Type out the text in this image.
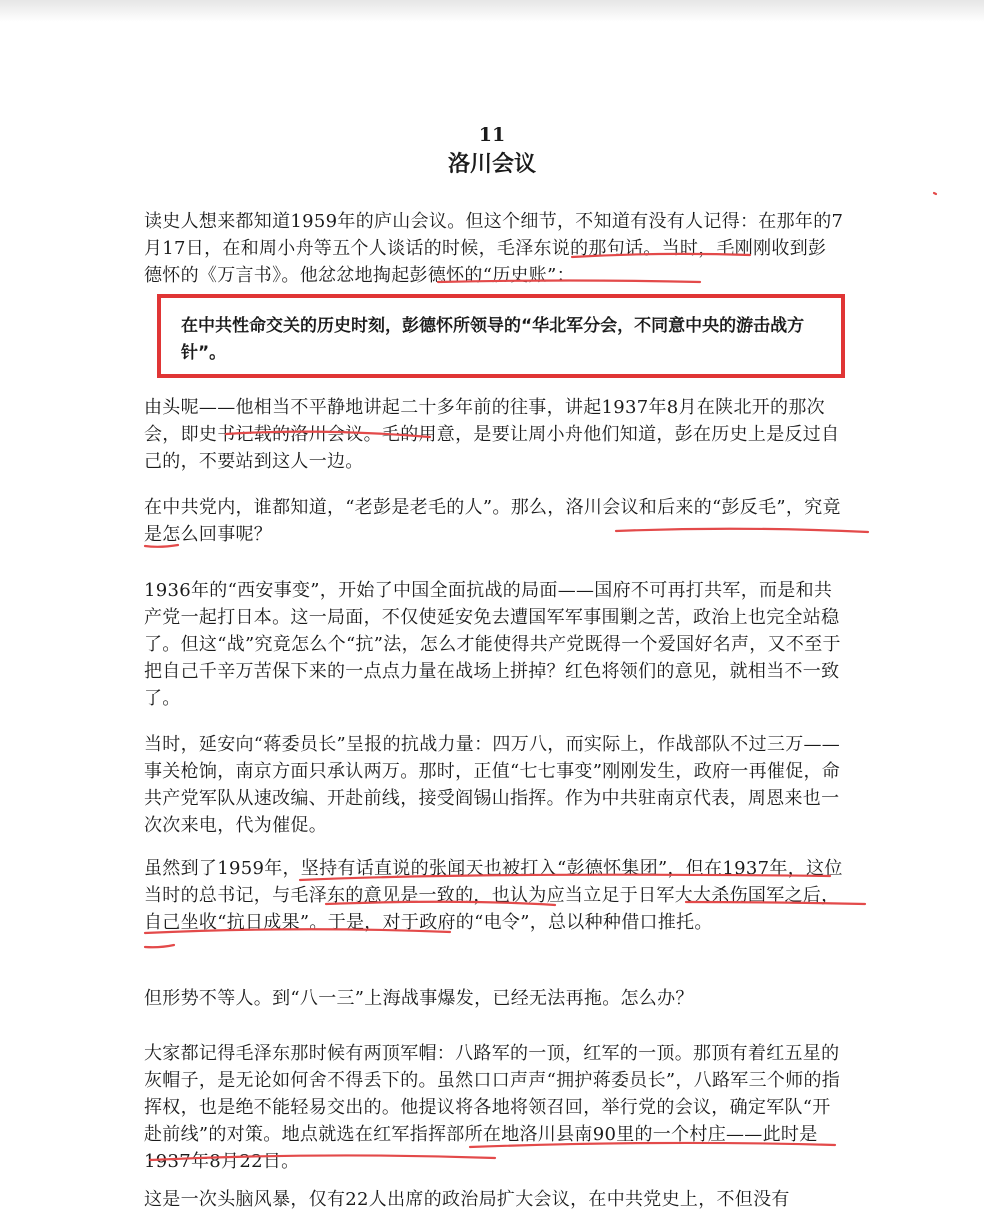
11
洛川会议

读史人想来都知道1959年的庐山会议。但这个细节，不知道有没有人记得：在那年的7月17日，在和周小舟等五个人谈话的时候，毛泽东说的那句话。当时，毛刚刚收到彭德怀的《万言书》。他忿忿地掏起彭德怀的“历史账”：

在中共性命交关的历史时刻，彭德怀所领导的“华北军分会，不同意中央的游击战方针”。

由头呢——他相当不平静地讲起二十多年前的往事，讲起1937年8月在陕北开的那次会，即史书记载的洛川会议。毛的用意，是要让周小舟他们知道，彭在历史上是反过自己的，不要站到这人一边。

在中共党内，谁都知道，“老彭是老毛的人”。那么，洛川会议和后来的“彭反毛”，究竟是怎么回事呢？

1936年的“西安事变”，开始了中国全面抗战的局面——国府不可再打共军，而是和共产党一起打日本。这一局面，不仅使延安免去遭国军军事围剿之苦，政治上也完全站稳了。但这“战”究竟怎么个“抗”法，怎么才能使得共产党既得一个爱国好名声，又不至于把自己千辛万苦保下来的一点点力量在战场上拼掉？红色将领们的意见，就相当不一致了。

当时，延安向“蒋委员长”呈报的抗战力量：四万八，而实际上，作战部队不过三万——事关枪饷，南京方面只承认两万。那时，正值“七七事变”刚刚发生，政府一再催促，命共产党军队从速改编、开赴前线，接受阎锡山指挥。作为中共驻南京代表，周恩来也一次次来电，代为催促。

虽然到了1959年，坚持有话直说的张闻天也被打入“彭德怀集团”，但在1937年，这位当时的总书记，与毛泽东的意见是一致的，也认为应当立足于日军大大杀伤国军之后，自己坐收“抗日成果”。于是，对于政府的“电令”，总以种种借口推托。

但形势不等人。到“八一三”上海战事爆发，已经无法再拖。怎么办？

大家都记得毛泽东那时候有两顶军帽：八路军的一顶，红军的一顶。那顶有着红五星的灰帽子，是无论如何舍不得丢下的。虽然口口声声“拥护蒋委员长”，八路军三个师的指挥权，也是绝不能轻易交出的。他提议将各地将领召回，举行党的会议，确定军队“开赴前线”的对策。地点就选在红军指挥部所在地洛川县南90里的一个村庄——此时是1937年8月22日。

这是一次头脑风暴，仅有22人出席的政治局扩大会议，在中共党史上，不但没有
